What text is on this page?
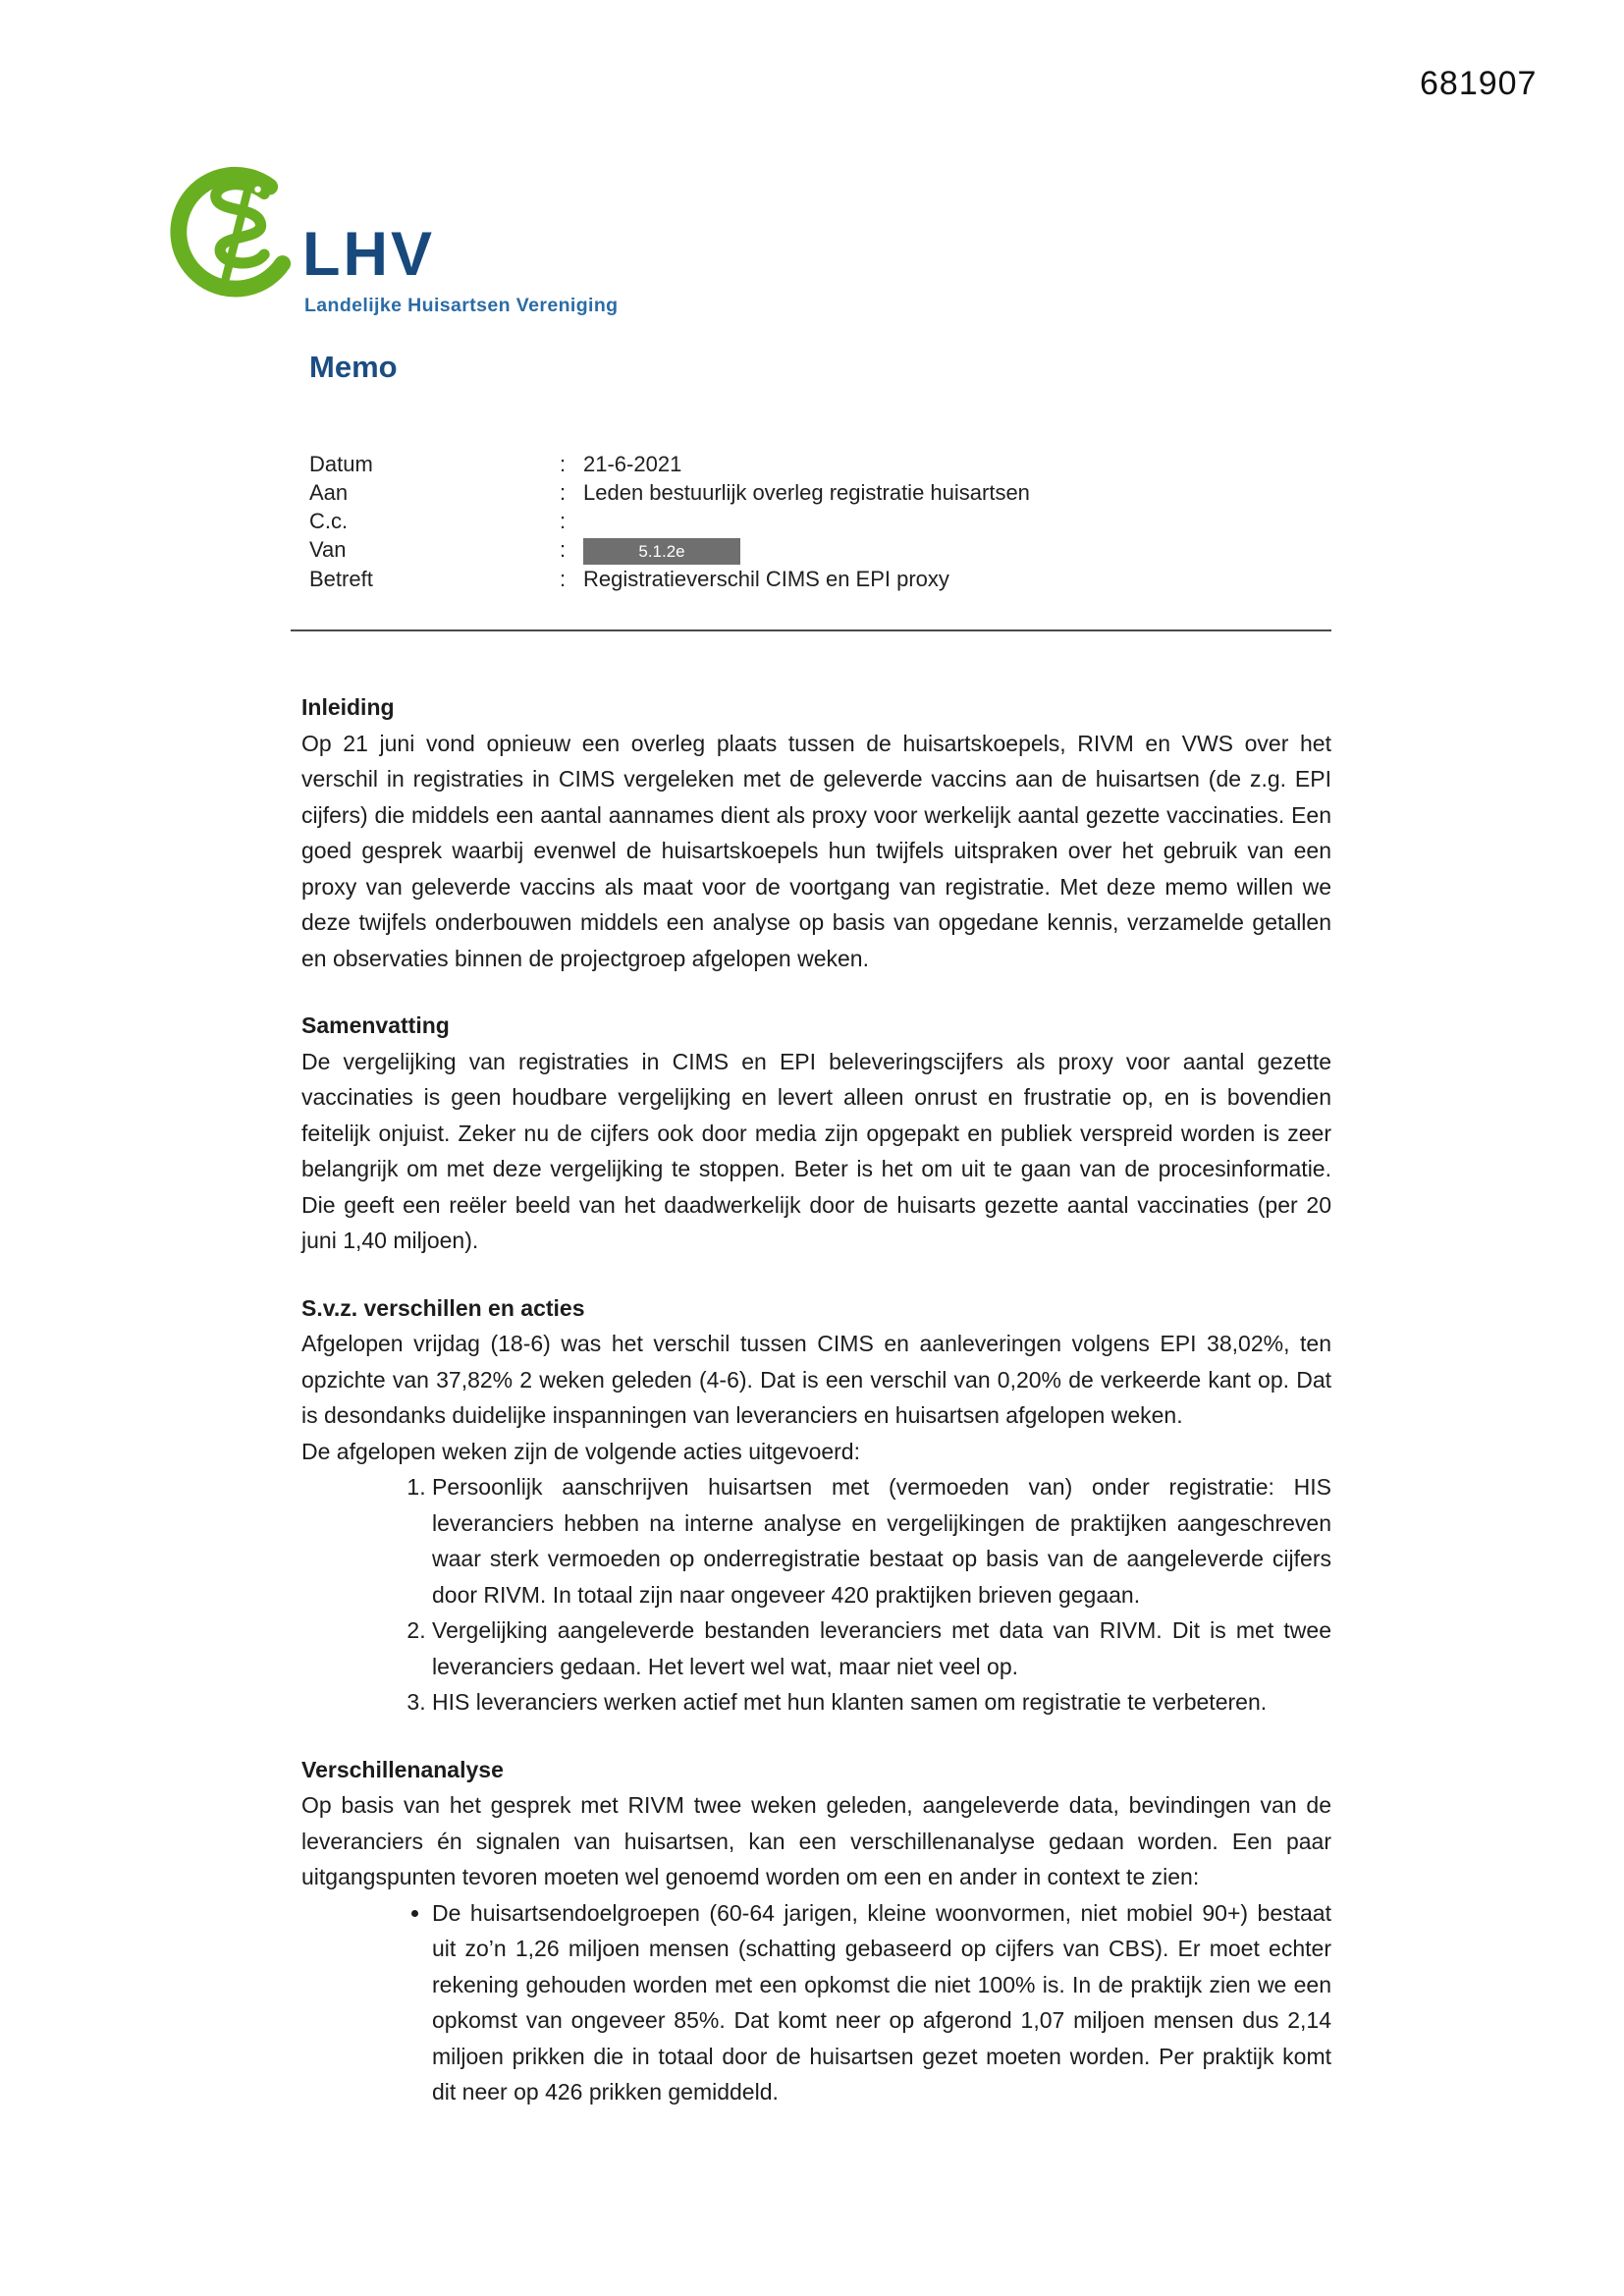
681907
LHV
Landelijke Huisartsen Vereniging
Memo
Datum	: 21-6-2021
Aan	: Leden bestuurlijk overleg registratie huisartsen
C.c.	:
Van	:	5.1.2e
Betreft	: Registratieverschil CIMS en EPI proxy
Inleiding

Op 21 juni vond opnieuw een overleg plaats tussen de huisartskoepels, RIVM en VWS over het verschil in registraties in CIMS vergeleken met de geleverde vaccins aan de huisartsen (de z.g. EPI cijfers) die middels een aantal aannames dient als proxy voor werkelijk aantal gezette vaccinaties. Een goed gesprek waarbij evenwel de huisartskoepels hun twijfels uitspraken over het gebruik van een proxy van geleverde vaccins als maat voor de voortgang van registratie. Met deze memo willen we deze twijfels onderbouwen middels een analyse op basis van opgedane kennis, verzamelde getallen en observaties binnen de projectgroep afgelopen weken.

Samenvatting

De vergelijking van registraties in CIMS en EPI beleveringscijfers als proxy voor aantal gezette vaccinaties is geen houdbare vergelijking en levert alleen onrust en frustratie op, en is bovendien feitelijk onjuist. Zeker nu de cijfers ook door media zijn opgepakt en publiek verspreid worden is zeer belangrijk om met deze vergelijking te stoppen. Beter is het om uit te gaan van de procesinformatie. Die geeft een reëler beeld van het daadwerkelijk door de huisarts gezette aantal vaccinaties (per 20 juni 1,40 miljoen).

S.v.z. verschillen en acties

Afgelopen vrijdag (18-6) was het verschil tussen CIMS en aanleveringen volgens EPI 38,02%, ten opzichte van 37,82% 2 weken geleden (4-6). Dat is een verschil van 0,20% de verkeerde kant op. Dat is desondanks duidelijke inspanningen van leveranciers en huisartsen afgelopen weken.

De afgelopen weken zijn de volgende acties uitgevoerd:

1. Persoonlijk aanschrijven huisartsen met (vermoeden van) onder registratie: HIS leveranciers hebben na interne analyse en vergelijkingen de praktijken aangeschreven waar sterk vermoeden op onderregistratie bestaat op basis van de aangeleverde cijfers door RIVM. In totaal zijn naar ongeveer 420 praktijken brieven gegaan.
2. Vergelijking aangeleverde bestanden leveranciers met data van RIVM. Dit is met twee leveranciers gedaan. Het levert wel wat, maar niet veel op.
3. HIS leveranciers werken actief met hun klanten samen om registratie te verbeteren.
Verschillenanalyse

Op basis van het gesprek met RIVM twee weken geleden, aangeleverde data, bevindingen van de leveranciers én signalen van huisartsen, kan een verschillenanalyse gedaan worden. Een paar uitgangspunten tevoren moeten wel genoemd worden om een en ander in context te zien:

• De huisartsendoelgroepen (60-64 jarigen, kleine woonvormen, niet mobiel 90+) bestaat uit zo’n 1,26 miljoen mensen (schatting gebaseerd op cijfers van CBS). Er moet echter rekening gehouden worden met een opkomst die niet 100% is. In de praktijk zien we een opkomst van ongeveer 85%. Dat komt neer op afgerond 1,07 miljoen mensen dus 2,14 miljoen prikken die in totaal door de huisartsen gezet moeten worden. Per praktijk komt dit neer op 426 prikken gemiddeld.
